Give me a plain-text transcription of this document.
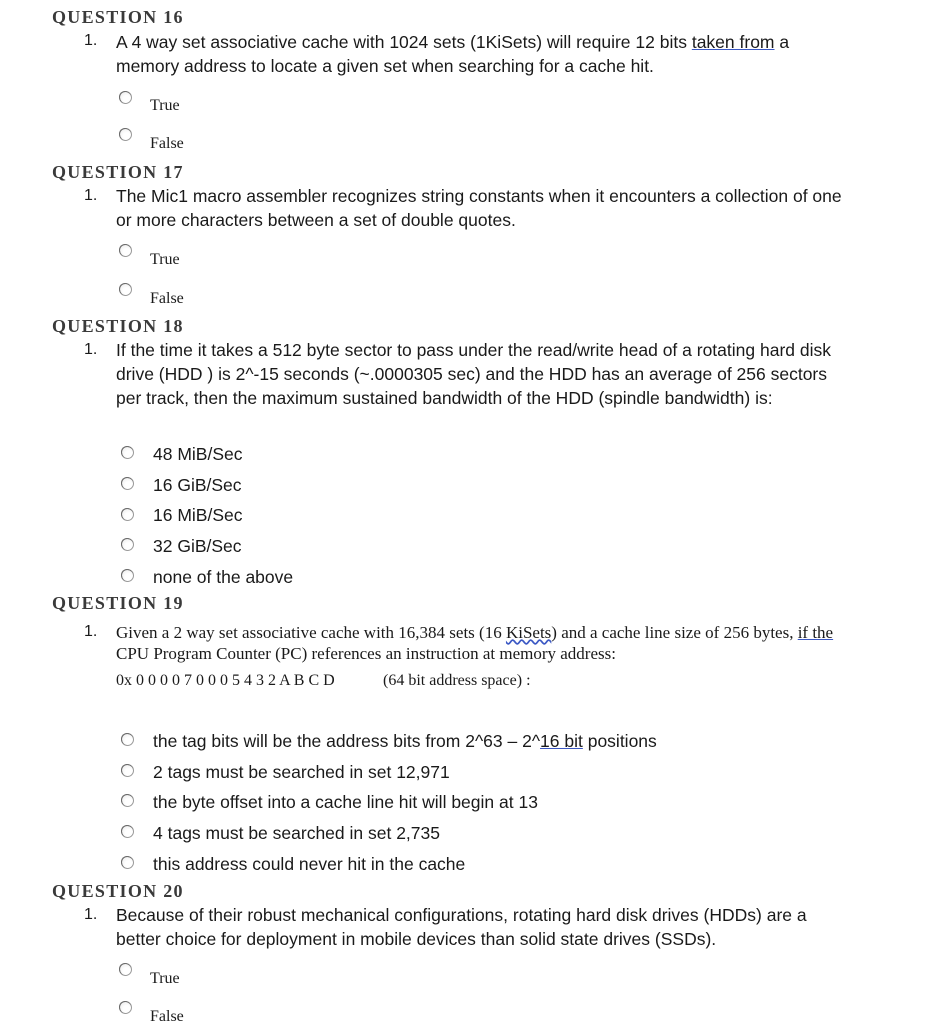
QUESTION 16
1. A 4 way set associative cache with 1024 sets (1KiSets) will require 12 bits taken from a memory address to locate a given set when searching for a cache hit.
True
False
QUESTION 17
1. The Mic1 macro assembler recognizes string constants when it encounters a collection of one or more characters between a set of double quotes.
True
False
QUESTION 18
1. If the time it takes a 512 byte sector to pass under the read/write head of a rotating hard disk drive (HDD ) is 2^-15 seconds (~.0000305 sec) and the HDD has an average of 256 sectors per track, then the maximum sustained bandwidth of the HDD (spindle bandwidth) is:
48 MiB/Sec
16 GiB/Sec
16 MiB/Sec
32 GiB/Sec
none of the above
QUESTION 19
1. Given a 2 way set associative cache with 16,384 sets (16 KiSets) and a cache line size of 256 bytes, if the CPU Program Counter (PC) references an instruction at memory address:
0x 0 0 0 0 7 0 0 0 5 4 3 2 A B C D	(64 bit address space) :
the tag bits will be the address bits from 2^63 – 2^16 bit positions
2 tags must be searched in set 12,971
the byte offset into a cache line hit will begin at 13
4 tags must be searched in set 2,735
this address could never hit in the cache
QUESTION 20
1. Because of their robust mechanical configurations, rotating hard disk drives (HDDs) are a better choice for deployment in mobile devices than solid state drives (SSDs).
True
False
